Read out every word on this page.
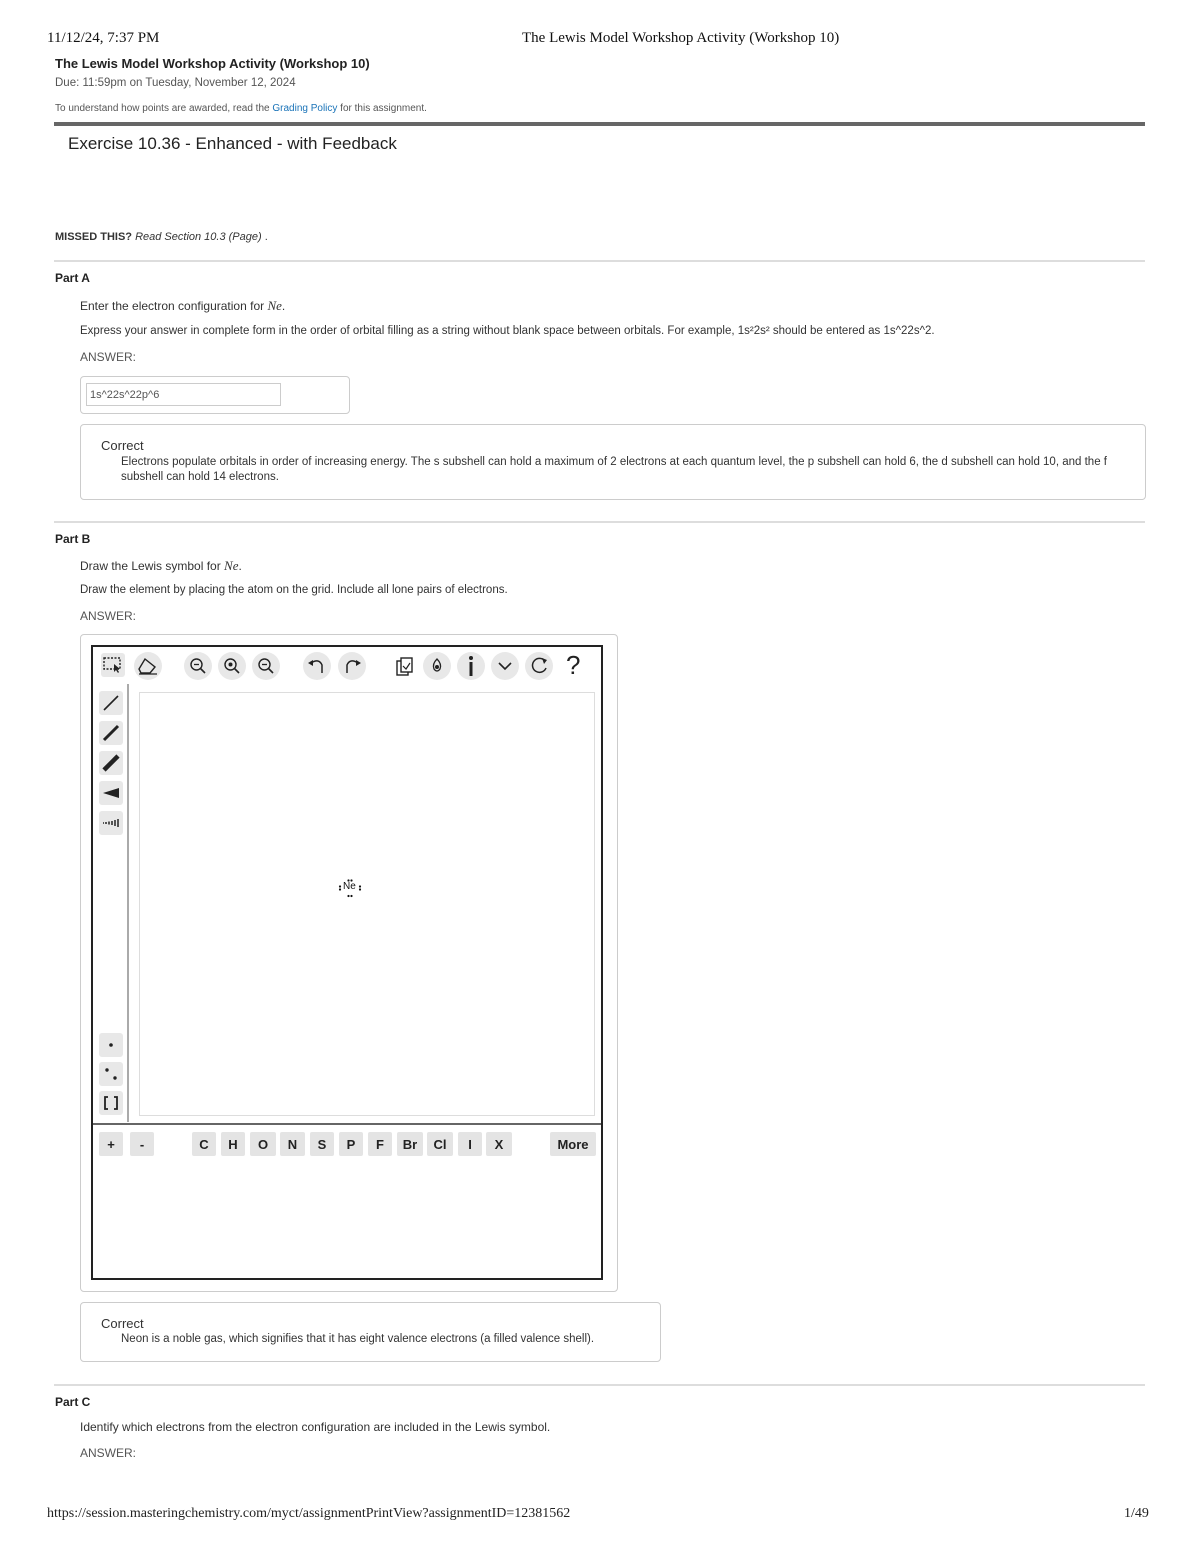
11/12/24, 7:37 PM	The Lewis Model Workshop Activity (Workshop 10)
The Lewis Model Workshop Activity (Workshop 10)
Due: 11:59pm on Tuesday, November 12, 2024
To understand how points are awarded, read the Grading Policy for this assignment.
Exercise 10.36 - Enhanced - with Feedback
MISSED THIS? Read Section 10.3 (Page) .
Part A
Enter the electron configuration for Ne.
Express your answer in complete form in the order of orbital filling as a string without blank space between orbitals. For example, 1s²2s² should be entered as 1s^22s^2.
ANSWER:
1s^22s^22p^6
Correct
Electrons populate orbitals in order of increasing energy. The s subshell can hold a maximum of 2 electrons at each quantum level, the p subshell can hold 6, the d subshell can hold 10, and the f subshell can hold 14 electrons.
Part B
Draw the Lewis symbol for Ne.
Draw the element by placing the atom on the grid. Include all lone pairs of electrons.
ANSWER:
?
Ne
+	-	C	H	O	N	S	P	F	Br	Cl	I	X	More
Correct
Neon is a noble gas, which signifies that it has eight valence electrons (a filled valence shell).
Part C
Identify which electrons from the electron configuration are included in the Lewis symbol.
ANSWER:
https://session.masteringchemistry.com/myct/assignmentPrintView?assignmentID=12381562	1/49
